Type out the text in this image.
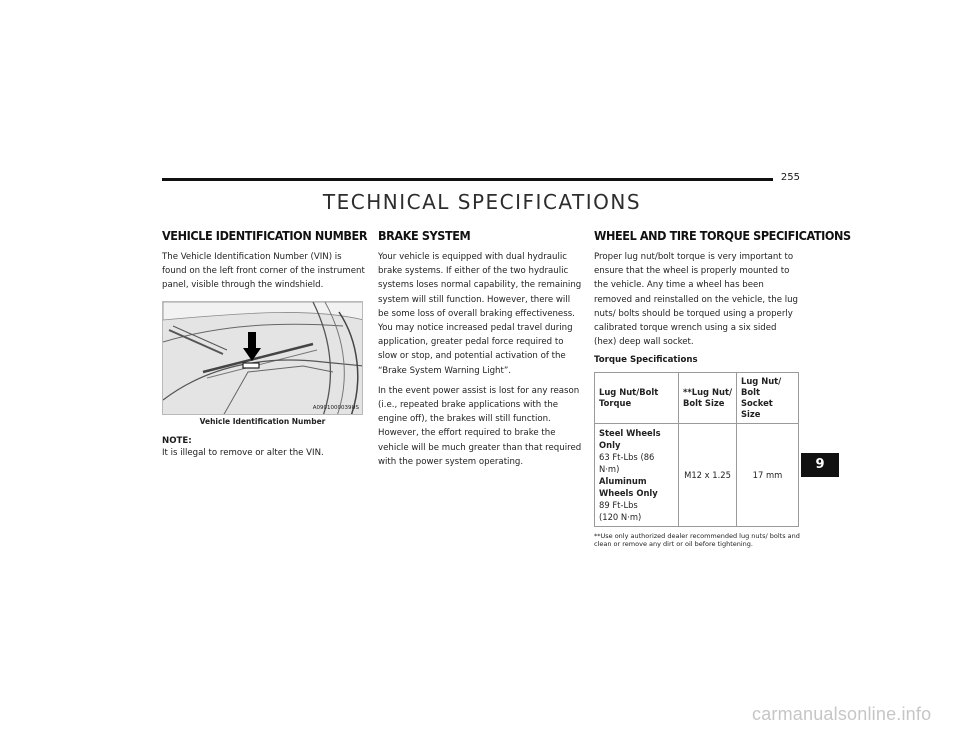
255
TECHNICAL SPECIFICATIONS
VEHICLE IDENTIFICATION NUMBER

The Vehicle Identification Number (VIN) is found on the left front corner of the instrument panel, visible through the windshield.

A0901000039US
Vehicle Identification Number
NOTE:
It is illegal to remove or alter the VIN.
BRAKE SYSTEM

Your vehicle is equipped with dual hydraulic brake systems. If either of the two hydraulic systems loses normal capability, the remaining system will still function. However, there will be some loss of overall braking effectiveness. You may notice increased pedal travel during application, greater pedal force required to slow or stop, and potential activation of the “Brake System Warning Light”.

In the event power assist is lost for any reason (i.e., repeated brake applications with the engine off), the brakes will still function. However, the effort required to brake the vehicle will be much greater than that required with the power system operating.

WHEEL AND TIRE TORQUE SPECIFICATIONS

Proper lug nut/bolt torque is very important to ensure that the wheel is properly mounted to the vehicle. Any time a wheel has been removed and reinstalled on the vehicle, the lug nuts/ bolts should be torqued using a properly calibrated torque wrench using a six sided (hex) deep wall socket.

Torque Specifications
Lug Nut/Bolt Torque	**Lug Nut/ Bolt Size	Lug Nut/ Bolt Socket Size

Steel Wheels Only
63 Ft-Lbs (86 N·m)
Aluminum Wheels Only
89 Ft-Lbs
(120 N·m)	M12 x 1.25	17 mm
**Use only authorized dealer recommended lug nuts/ bolts and clean or remove any dirt or oil before tightening.
9
carmanualsonline.info
